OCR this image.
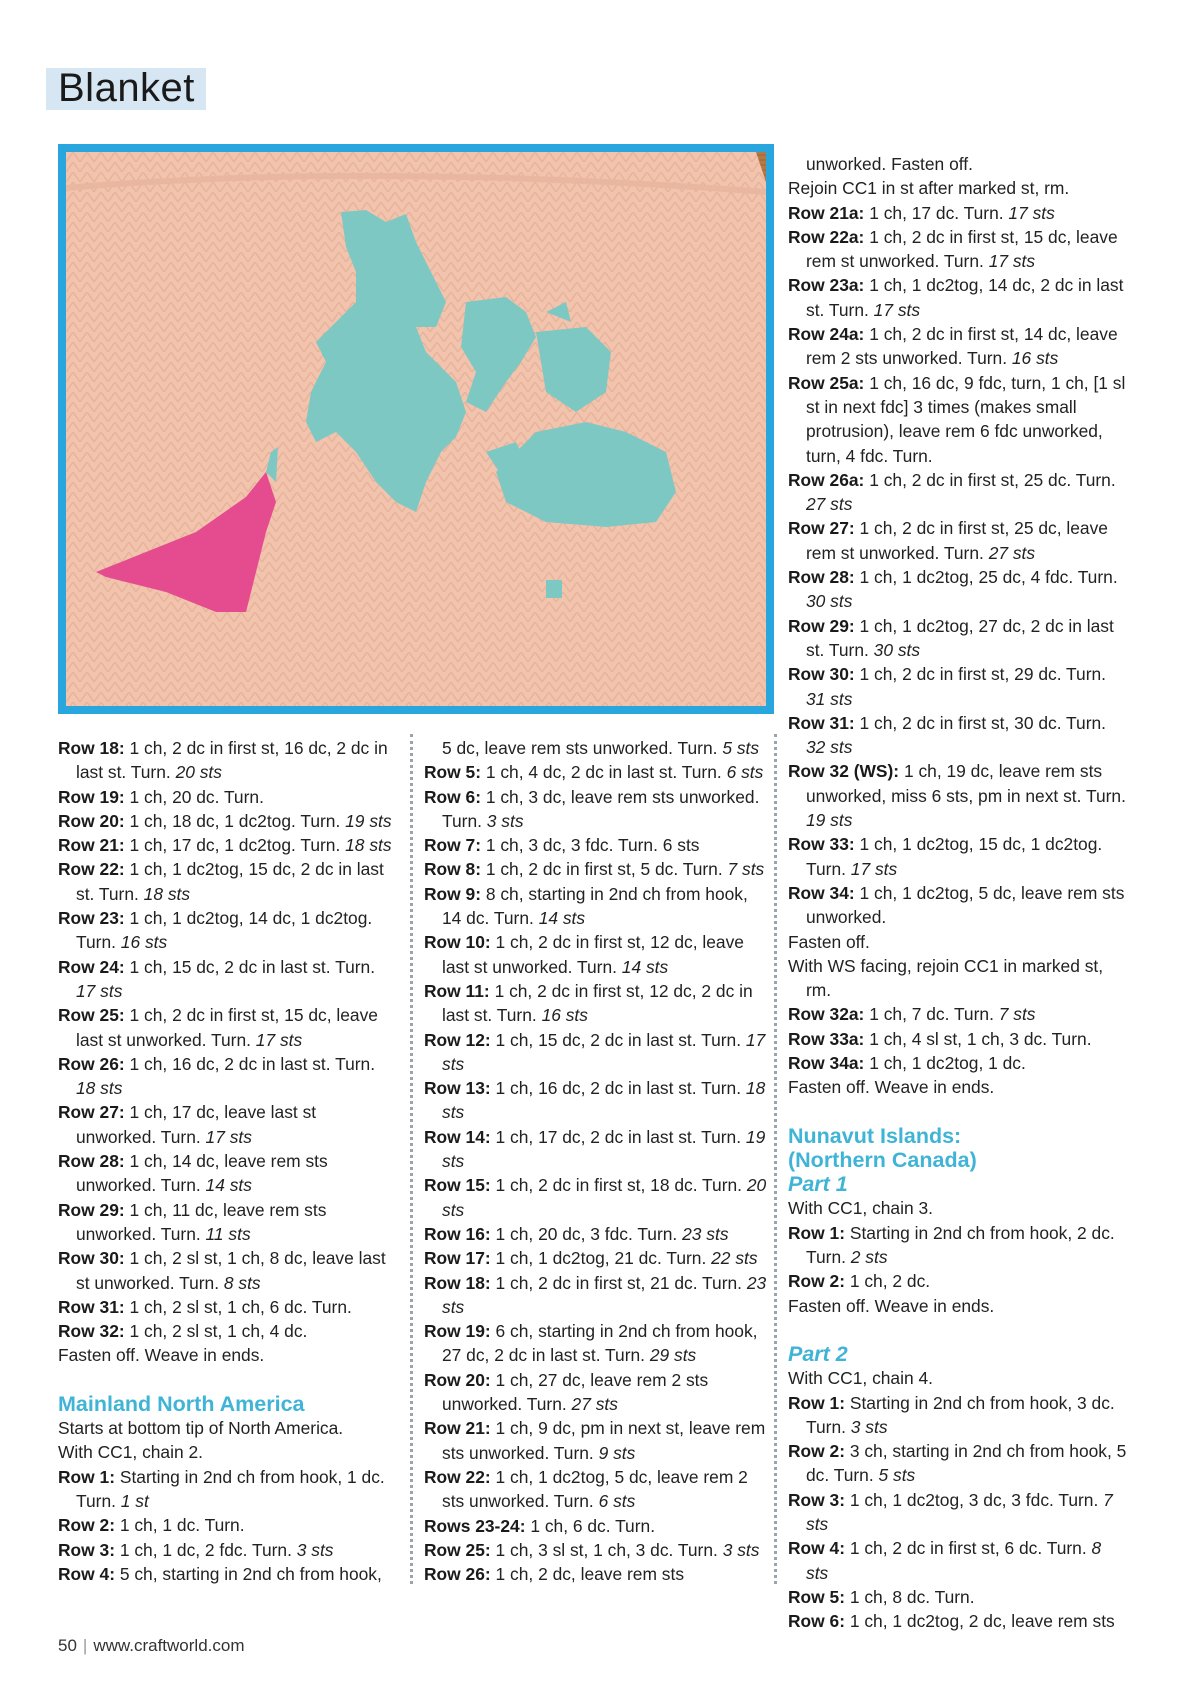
Blanket

Row 18: 1 ch, 2 dc in first st, 16 dc, 2 dc in last st. Turn. 20 sts

Row 19: 1 ch, 20 dc. Turn.

Row 20: 1 ch, 18 dc, 1 dc2tog. Turn. 19 sts

Row 21: 1 ch, 17 dc, 1 dc2tog. Turn. 18 sts

Row 22: 1 ch, 1 dc2tog, 15 dc, 2 dc in last st. Turn. 18 sts

Row 23: 1 ch, 1 dc2tog, 14 dc, 1 dc2tog. Turn. 16 sts

Row 24: 1 ch, 15 dc, 2 dc in last st. Turn. 17 sts

Row 25: 1 ch, 2 dc in first st, 15 dc, leave last st unworked. Turn. 17 sts

Row 26: 1 ch, 16 dc, 2 dc in last st. Turn. 18 sts

Row 27: 1 ch, 17 dc, leave last st unworked. Turn. 17 sts

Row 28: 1 ch, 14 dc, leave rem sts unworked. Turn. 14 sts

Row 29: 1 ch, 11 dc, leave rem sts unworked. Turn. 11 sts

Row 30: 1 ch, 2 sl st, 1 ch, 8 dc, leave last st unworked. Turn. 8 sts

Row 31: 1 ch, 2 sl st, 1 ch, 6 dc. Turn.

Row 32: 1 ch, 2 sl st, 1 ch, 4 dc.

Fasten off. Weave in ends.

Mainland North America

Starts at bottom tip of North America.

With CC1, chain 2.

Row 1: Starting in 2nd ch from hook, 1 dc. Turn. 1 st

Row 2: 1 ch, 1 dc. Turn.

Row 3: 1 ch, 1 dc, 2 fdc. Turn. 3 sts

Row 4: 5 ch, starting in 2nd ch from hook,

5 dc, leave rem sts unworked. Turn. 5 sts

Row 5: 1 ch, 4 dc, 2 dc in last st. Turn. 6 sts

Row 6: 1 ch, 3 dc, leave rem sts unworked. Turn. 3 sts

Row 7: 1 ch, 3 dc, 3 fdc. Turn. 6 sts

Row 8: 1 ch, 2 dc in first st, 5 dc. Turn. 7 sts

Row 9: 8 ch, starting in 2nd ch from hook, 14 dc. Turn. 14 sts

Row 10: 1 ch, 2 dc in first st, 12 dc, leave last st unworked. Turn. 14 sts

Row 11: 1 ch, 2 dc in first st, 12 dc, 2 dc in last st. Turn. 16 sts

Row 12: 1 ch, 15 dc, 2 dc in last st. Turn. 17 sts

Row 13: 1 ch, 16 dc, 2 dc in last st. Turn. 18 sts

Row 14: 1 ch, 17 dc, 2 dc in last st. Turn. 19 sts

Row 15: 1 ch, 2 dc in first st, 18 dc. Turn. 20 sts

Row 16: 1 ch, 20 dc, 3 fdc. Turn. 23 sts

Row 17: 1 ch, 1 dc2tog, 21 dc. Turn. 22 sts

Row 18: 1 ch, 2 dc in first st, 21 dc. Turn. 23 sts

Row 19: 6 ch, starting in 2nd ch from hook, 27 dc, 2 dc in last st. Turn. 29 sts

Row 20: 1 ch, 27 dc, leave rem 2 sts unworked. Turn. 27 sts

Row 21: 1 ch, 9 dc, pm in next st, leave rem sts unworked. Turn. 9 sts

Row 22: 1 ch, 1 dc2tog, 5 dc, leave rem 2 sts unworked. Turn. 6 sts

Rows 23-24: 1 ch, 6 dc. Turn.

Row 25: 1 ch, 3 sl st, 1 ch, 3 dc. Turn. 3 sts

Row 26: 1 ch, 2 dc, leave rem sts

unworked. Fasten off.

Rejoin CC1 in st after marked st, rm.

Row 21a: 1 ch, 17 dc. Turn. 17 sts

Row 22a: 1 ch, 2 dc in first st, 15 dc, leave rem st unworked. Turn. 17 sts

Row 23a: 1 ch, 1 dc2tog, 14 dc, 2 dc in last st. Turn. 17 sts

Row 24a: 1 ch, 2 dc in first st, 14 dc, leave rem 2 sts unworked. Turn. 16 sts

Row 25a: 1 ch, 16 dc, 9 fdc, turn, 1 ch, [1 sl st in next fdc] 3 times (makes small protrusion), leave rem 6 fdc unworked, turn, 4 fdc. Turn.

Row 26a: 1 ch, 2 dc in first st, 25 dc. Turn. 27 sts

Row 27: 1 ch, 2 dc in first st, 25 dc, leave rem st unworked. Turn. 27 sts

Row 28: 1 ch, 1 dc2tog, 25 dc, 4 fdc. Turn. 30 sts

Row 29: 1 ch, 1 dc2tog, 27 dc, 2 dc in last st. Turn. 30 sts

Row 30: 1 ch, 2 dc in first st, 29 dc. Turn. 31 sts

Row 31: 1 ch, 2 dc in first st, 30 dc. Turn. 32 sts

Row 32 (WS): 1 ch, 19 dc, leave rem sts unworked, miss 6 sts, pm in next st. Turn. 19 sts

Row 33: 1 ch, 1 dc2tog, 15 dc, 1 dc2tog. Turn. 17 sts

Row 34: 1 ch, 1 dc2tog, 5 dc, leave rem sts unworked.

Fasten off.

With WS facing, rejoin CC1 in marked st, rm.

Row 32a: 1 ch, 7 dc. Turn. 7 sts

Row 33a: 1 ch, 4 sl st, 1 ch, 3 dc. Turn.

Row 34a: 1 ch, 1 dc2tog, 1 dc.

Fasten off. Weave in ends.

Nunavut Islands:
(Northern Canada)
Part 1

With CC1, chain 3.

Row 1: Starting in 2nd ch from hook, 2 dc. Turn. 2 sts

Row 2: 1 ch, 2 dc.

Fasten off. Weave in ends.

Part 2

With CC1, chain 4.

Row 1: Starting in 2nd ch from hook, 3 dc. Turn. 3 sts

Row 2: 3 ch, starting in 2nd ch from hook, 5 dc. Turn. 5 sts

Row 3: 1 ch, 1 dc2tog, 3 dc, 3 fdc. Turn. 7 sts

Row 4: 1 ch, 2 dc in first st, 6 dc. Turn. 8 sts

Row 5: 1 ch, 8 dc. Turn.

Row 6: 1 ch, 1 dc2tog, 2 dc, leave rem sts

50 | www.craftworld.com
